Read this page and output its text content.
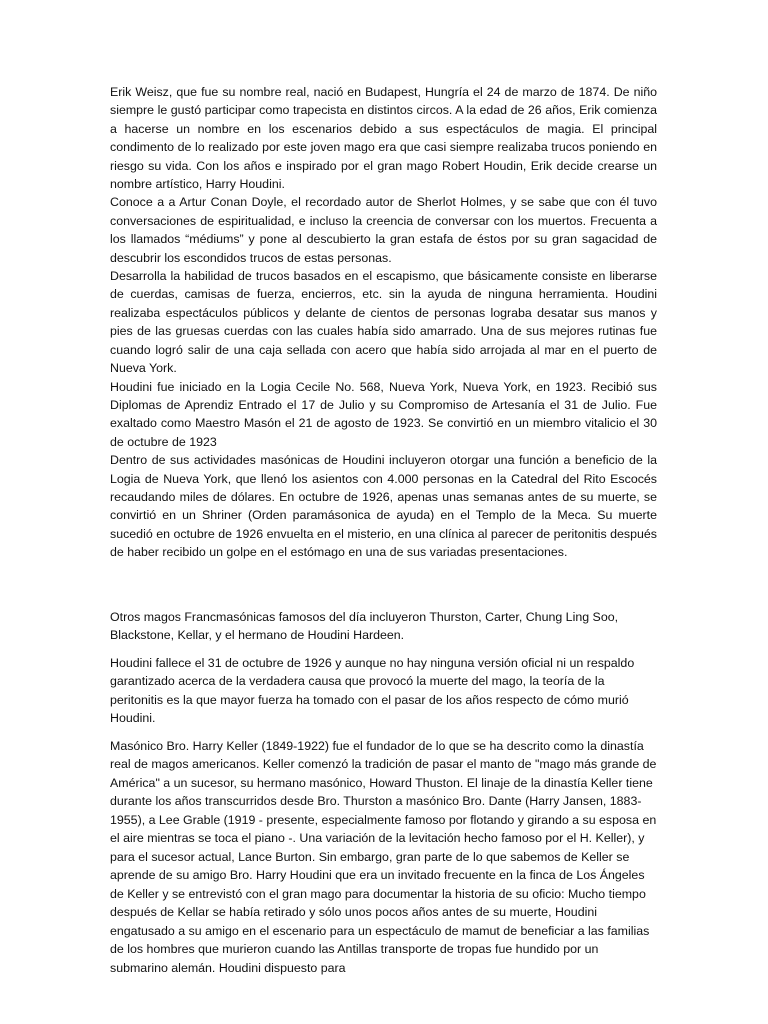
Erik Weisz, que fue su nombre real, nació en Budapest, Hungría el 24 de marzo de 1874. De niño siempre le gustó participar como trapecista en distintos circos. A la edad de 26 años, Erik comienza a hacerse un nombre en los escenarios debido a sus espectáculos de magia. El principal condimento de lo realizado por este joven mago era que casi siempre realizaba trucos poniendo en riesgo su vida. Con los años e inspirado por el gran mago Robert Houdin, Erik decide crearse un nombre artístico, Harry Houdini.

Conoce a a Artur Conan Doyle, el recordado autor de Sherlot Holmes, y se sabe que con él tuvo conversaciones de espiritualidad, e incluso la creencia de conversar con los muertos. Frecuenta a los llamados “médiums” y pone al descubierto la gran estafa de éstos por su gran sagacidad de descubrir los escondidos trucos de estas personas.

Desarrolla la habilidad de trucos basados en el escapismo, que básicamente consiste en liberarse de cuerdas, camisas de fuerza, encierros, etc. sin la ayuda de ninguna herramienta. Houdini realizaba espectáculos públicos y delante de cientos de personas lograba desatar sus manos y pies de las gruesas cuerdas con las cuales había sido amarrado. Una de sus mejores rutinas fue cuando logró salir de una caja sellada con acero que había sido arrojada al mar en el puerto de Nueva York.

Houdini fue iniciado en la Logia Cecile No. 568, Nueva York, Nueva York, en 1923. Recibió sus Diplomas de Aprendiz Entrado el 17 de Julio y su Compromiso de Artesanía el 31 de Julio. Fue exaltado como Maestro Masón el 21 de agosto de 1923. Se convirtió en un miembro vitalicio el 30 de octubre de 1923

Dentro de sus actividades masónicas de Houdini incluyeron otorgar una función a beneficio de la Logia de Nueva York, que llenó los asientos con 4.000 personas en la Catedral del Rito Escocés recaudando miles de dólares. En octubre de 1926, apenas unas semanas antes de su muerte, se convirtió en un Shriner (Orden paramásonica de ayuda) en el Templo de la Meca. Su muerte sucedió en octubre de 1926 envuelta en el misterio, en una clínica al parecer de peritonitis después de haber recibido un golpe en el estómago en una de sus variadas presentaciones.

Otros magos Francmasónicas famosos del día incluyeron Thurston, Carter, Chung Ling Soo, Blackstone, Kellar, y el hermano de Houdini Hardeen.

Houdini fallece el 31 de octubre de 1926 y aunque no hay ninguna versión oficial ni un respaldo garantizado acerca de la verdadera causa que provocó la muerte del mago, la teoría de la peritonitis es la que mayor fuerza ha tomado con el pasar de los años respecto de cómo murió Houdini.

Masónico Bro. Harry Keller (1849-1922) fue el fundador de lo que se ha descrito como la dinastía real de magos americanos. Keller comenzó la tradición de pasar el manto de "mago más grande de América" a un sucesor, su hermano masónico, Howard Thuston. El linaje de la dinastía Keller tiene durante los años transcurridos desde Bro. Thurston a masónico Bro. Dante (Harry Jansen, 1883-1955), a Lee Grable (1919 - presente, especialmente famoso por flotando y girando a su esposa en el aire mientras se toca el piano -. Una variación de la levitación hecho famoso por el H. Keller), y para el sucesor actual, Lance Burton. Sin embargo, gran parte de lo que sabemos de Keller se aprende de su amigo Bro. Harry Houdini que era un invitado frecuente en la finca de Los Ángeles de Keller y se entrevistó con el gran mago para documentar la historia de su oficio: Mucho tiempo después de Kellar se había retirado y sólo unos pocos años antes de su muerte, Houdini engatusado a su amigo en el escenario para un espectáculo de mamut de beneficiar a las familias de los hombres que murieron cuando las Antillas transporte de tropas fue hundido por un submarino alemán. Houdini dispuesto para
